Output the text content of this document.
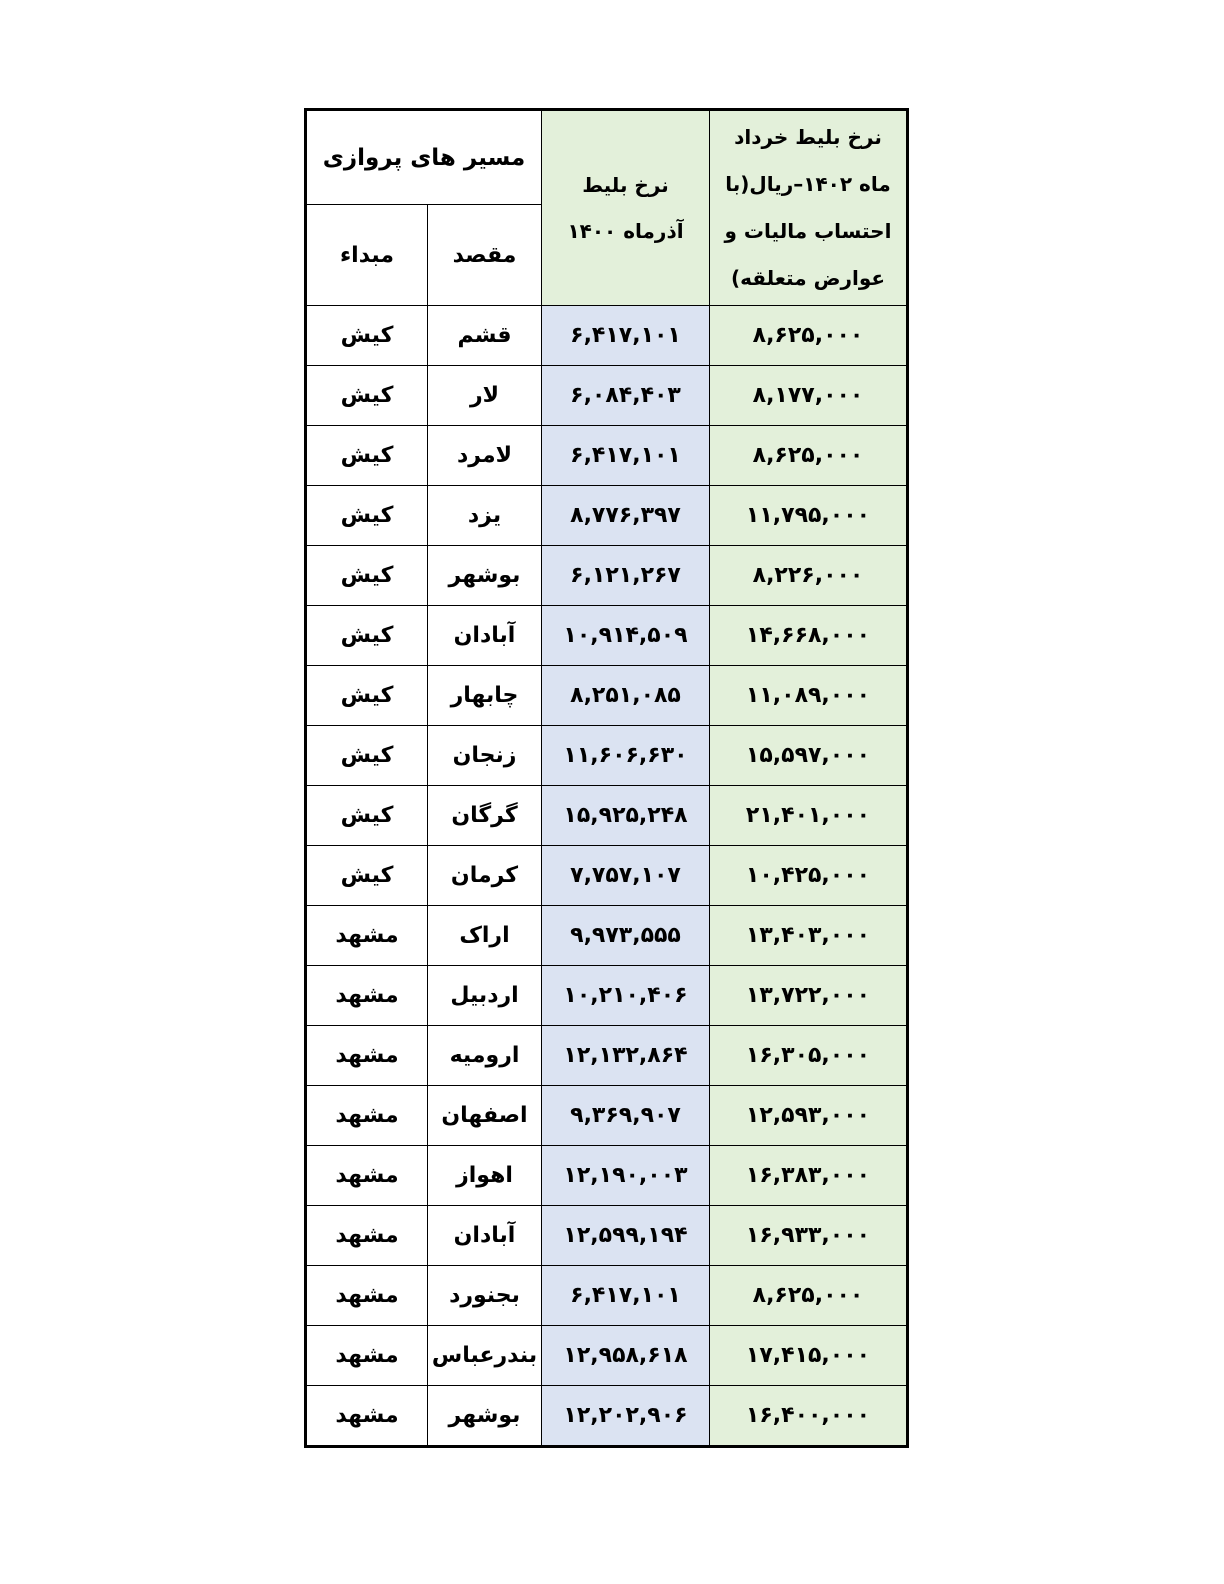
مسیر های پروازی		نرخ بلیط آذرماه ۱۴۰۰	نرخ بلیط خرداد ماه ۱۴۰۲–ریال(با احتساب مالیات و عوارض متعلقه)
مبداء	مقصد		
کیش	قشم	۶,۴۱۷,۱۰۱	۸,۶۲۵,۰۰۰
کیش	لار	۶,۰۸۴,۴۰۳	۸,۱۷۷,۰۰۰
کیش	لامرد	۶,۴۱۷,۱۰۱	۸,۶۲۵,۰۰۰
کیش	یزد	۸,۷۷۶,۳۹۷	۱۱,۷۹۵,۰۰۰
کیش	بوشهر	۶,۱۲۱,۲۶۷	۸,۲۲۶,۰۰۰
کیش	آبادان	۱۰,۹۱۴,۵۰۹	۱۴,۶۶۸,۰۰۰
کیش	چابهار	۸,۲۵۱,۰۸۵	۱۱,۰۸۹,۰۰۰
کیش	زنجان	۱۱,۶۰۶,۶۳۰	۱۵,۵۹۷,۰۰۰
کیش	گرگان	۱۵,۹۲۵,۲۴۸	۲۱,۴۰۱,۰۰۰
کیش	کرمان	۷,۷۵۷,۱۰۷	۱۰,۴۲۵,۰۰۰
مشهد	اراک	۹,۹۷۳,۵۵۵	۱۳,۴۰۳,۰۰۰
مشهد	اردبیل	۱۰,۲۱۰,۴۰۶	۱۳,۷۲۲,۰۰۰
مشهد	ارومیه	۱۲,۱۳۲,۸۶۴	۱۶,۳۰۵,۰۰۰
مشهد	اصفهان	۹,۳۶۹,۹۰۷	۱۲,۵۹۳,۰۰۰
مشهد	اهواز	۱۲,۱۹۰,۰۰۳	۱۶,۳۸۳,۰۰۰
مشهد	آبادان	۱۲,۵۹۹,۱۹۴	۱۶,۹۳۳,۰۰۰
مشهد	بجنورد	۶,۴۱۷,۱۰۱	۸,۶۲۵,۰۰۰
مشهد	بندرعباس	۱۲,۹۵۸,۶۱۸	۱۷,۴۱۵,۰۰۰
مشهد	بوشهر	۱۲,۲۰۲,۹۰۶	۱۶,۴۰۰,۰۰۰
